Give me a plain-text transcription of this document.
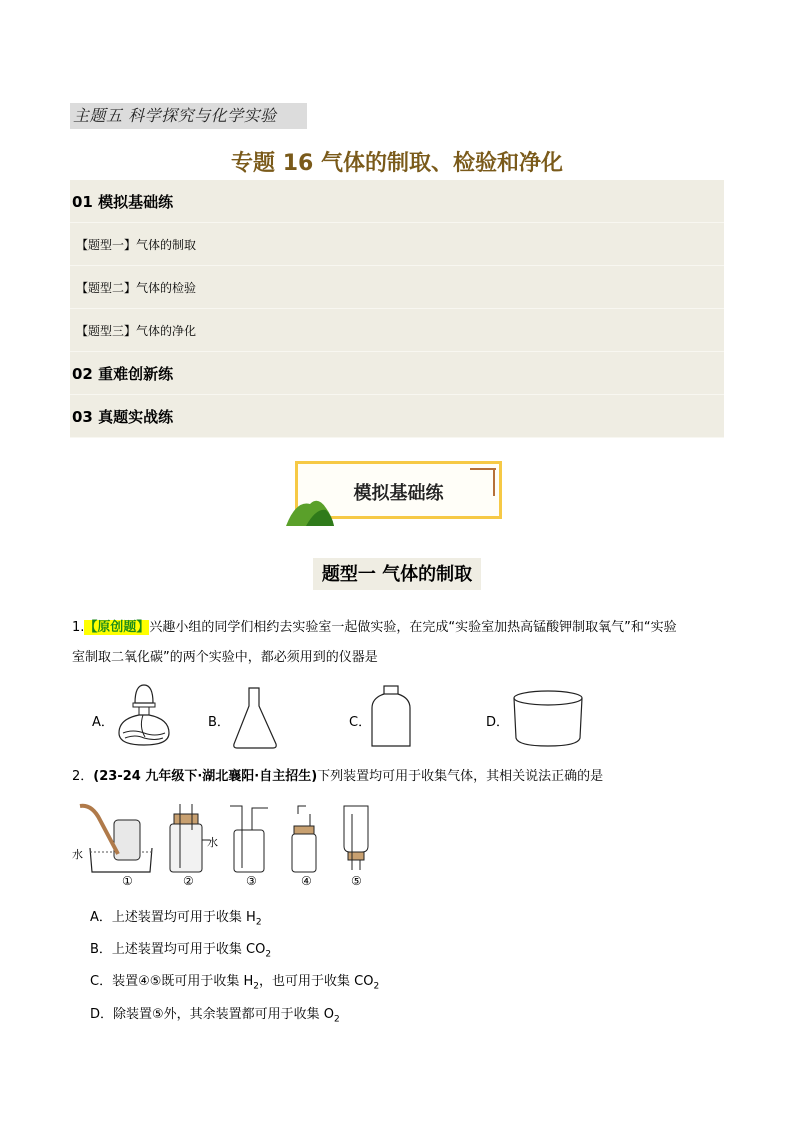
主题五 科学探究与化学实验
专题 16 气体的制取、检验和净化
01 模拟基础练
【题型一】气体的制取
【题型二】气体的检验
【题型三】气体的净化
02 重难创新练
03 真题实战练
模拟基础练
题型一 气体的制取
1.【原创题】兴趣小组的同学们相约去实验室一起做实验，在完成“实验室加热高锰酸钾制取氧气”和“实验
室制取二氧化碳”的两个实验中，都必须用到的仪器是
A．	B．	C．	D．
2．(23-24 九年级下·湖北襄阳·自主招生)下列装置均可用于收集气体，其相关说法正确的是
水
水
①	②	③	④	⑤
A．上述装置均可用于收集 $H_2$
B．上述装置均可用于收集 $CO_2$
C．装置④⑤既可用于收集 $H_2$，也可用于收集 $CO_2$
D．除装置⑤外，其余装置都可用于收集 $O_2$
